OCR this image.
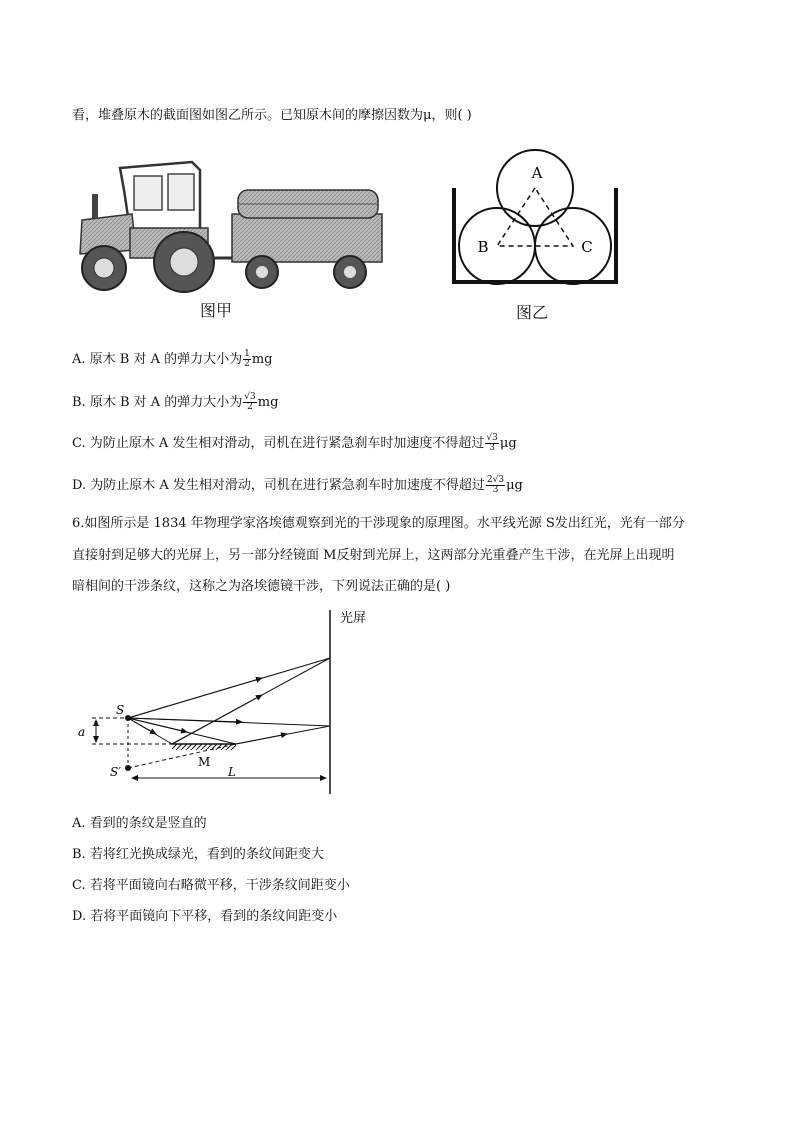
看，堆叠原木的截面图如图乙所示。已知原木间的摩擦因数为μ，则( )
图甲
A
B	C
图乙
A. 原木 B 对 A 的弹力大小为 $\frac{1}{2}$ mg
B. 原木 B 对 A 的弹力大小为 $\frac{√3}{2}$ mg
C. 为防止原木 A 发生相对滑动，司机在进行紧急刹车时加速度不得超过 $\frac{√3}{3}$ μg
D. 为防止原木 A 发生相对滑动，司机在进行紧急刹车时加速度不得超过 $\frac{2√3}{3}$ μg
6.如图所示是 1834 年物理学家洛埃德观察到光的干涉现象的原理图。水平线光源 S发出红光，光有一部分
直接射到足够大的光屏上，另一部分经镜面 M反射到光屏上，这两部分光重叠产生干涉，在光屏上出现明
暗相间的干涉条纹，这称之为洛埃德镜干涉，下列说法正确的是( )
光屏
M
S
S′
a
L
A. 看到的条纹是竖直的
B. 若将红光换成绿光，看到的条纹间距变大
C. 若将平面镜向右略微平移，干涉条纹间距变小
D. 若将平面镜向下平移，看到的条纹间距变小
